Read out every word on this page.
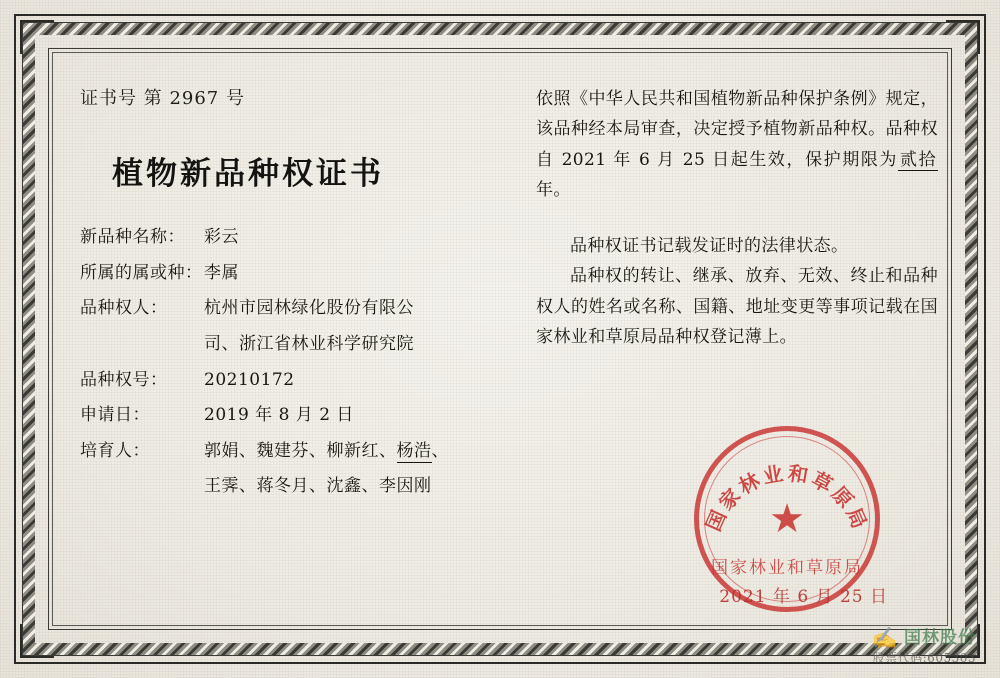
证书号 第 2967 号
植物新品种权证书
新品种名称：	彩云
所属的属或种： 李属
品种权人：	杭州市园林绿化股份有限公
司、浙江省林业科学研究院
品种权号：	20210172
申请日：	2019 年 8 月 2 日
培育人：	郭娟、魏建芬、柳新红、杨浩、
王霁、蒋冬月、沈鑫、李因刚

依照《中华人民共和国植物新品种保护条例》规定，该品种经本局审查，决定授予植物新品种权。品种权自 2021 年 6 月 25 日起生效，保护期限为 贰拾年。

品种权证书记载发证时的法律状态。

品种权的转让、继承、放弃、无效、终止和品种权人的姓名或名称、国籍、地址变更等事项记载在国家林业和草原局品种权登记薄上。

国家林业和草原局
★
国家林业和草原局
2021 年 6 月 25 日
✍ 国林股份
股票代码:605303
